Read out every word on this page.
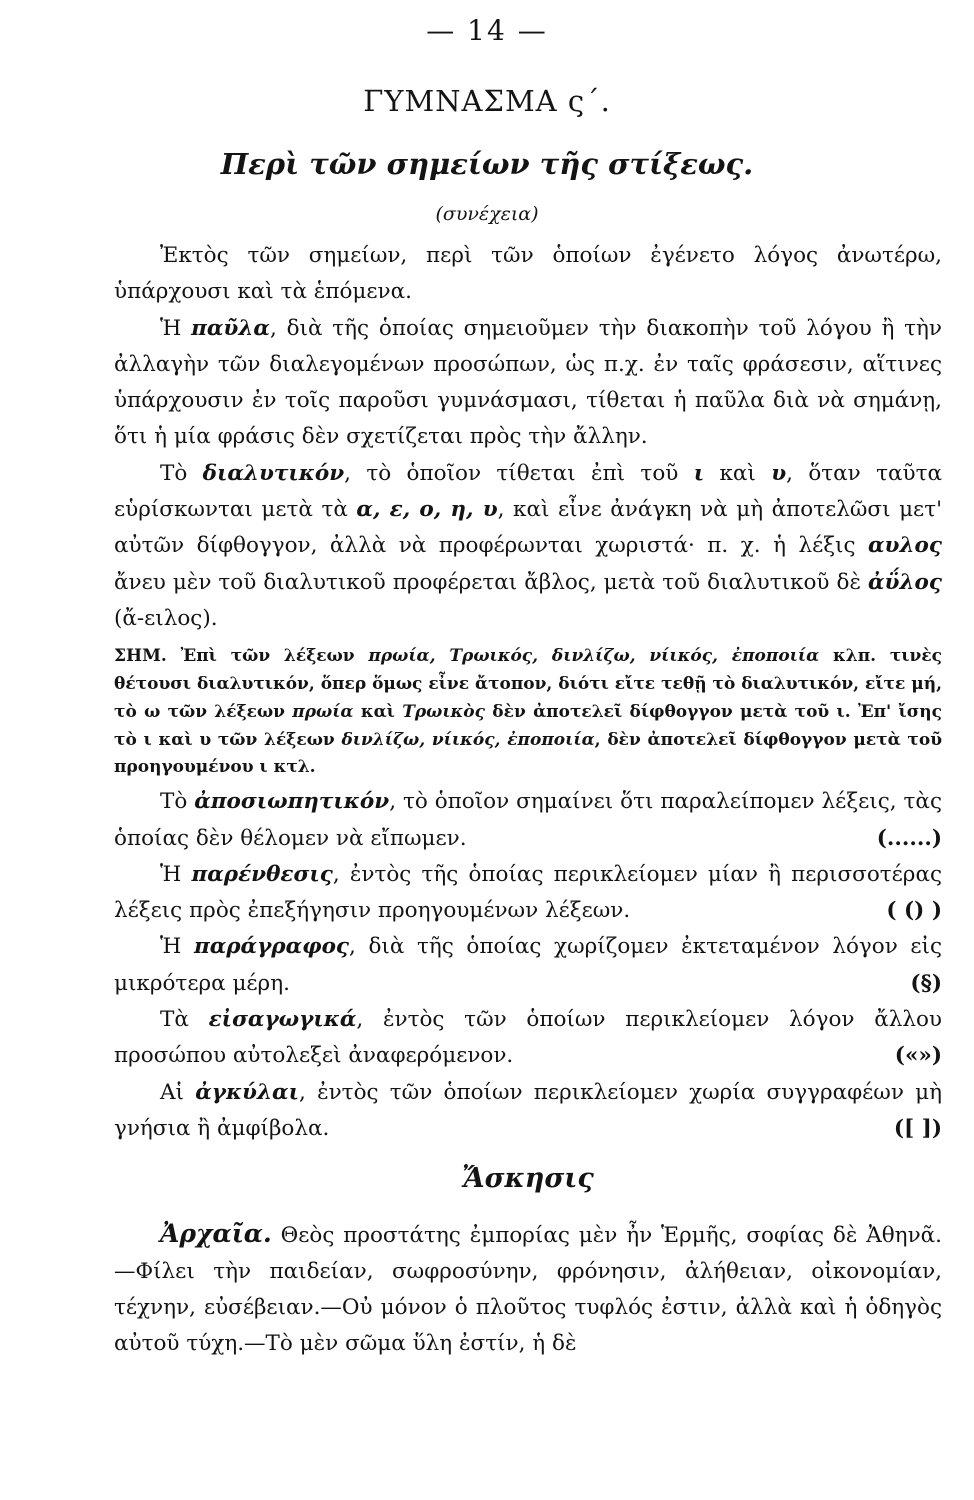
— 14 —
ΓΥΜΝΑΣΜΑ ς΄.
Περὶ τῶν σημείων τῆς στίξεως.
(συνέχεια)

Ἐκτὸς τῶν σημείων, περὶ τῶν ὁποίων ἐγένετο λόγος ἀνωτέρω, ὑπάρχουσι καὶ τὰ ἑπόμενα.

Ἡ παῦλα, διὰ τῆς ὁποίας σημειοῦμεν τὴν διακοπὴν τοῦ λόγου ἢ τὴν ἀλλαγὴν τῶν διαλεγομένων προσώπων, ὡς π.χ. ἐν ταῖς φράσεσιν, αἵτινες ὑπάρχουσιν ἐν τοῖς παροῦσι γυμνάσμασι, τίθεται ἡ παῦλα διὰ νὰ σημάνῃ, ὅτι ἡ μία φράσις δὲν σχετίζεται πρὸς τὴν ἄλλην.

Τὸ διαλυτικόν, τὸ ὁποῖον τίθεται ἐπὶ τοῦ ι καὶ υ, ὅταν ταῦτα εὑρίσκωνται μετὰ τὰ α, ε, ο, η, υ, καὶ εἶνε ἀνάγκη νὰ μὴ ἀποτελῶσι μετ' αὐτῶν δίφθογγον, ἀλλὰ νὰ προφέρωνται χωριστά· π. χ. ἡ λέξις αυλος ἄνευ μὲν τοῦ διαλυτικοῦ προφέρεται ἄβλος, μετὰ τοῦ διαλυτικοῦ δὲ ἀΰλος (ἄ-ειλος).

ΣΗΜ. Ἐπὶ τῶν λέξεων πρωία, Τρωικός, δινλίζω, νίικός, ἐποποιία κλπ. τινὲς θέτουσι διαλυτικόν, ὅπερ ὅμως εἶνε ἄτοπον, διότι εἴτε τεθῇ τὸ διαλυτικόν, εἴτε μή, τὸ ω τῶν λέξεων πρωία καὶ Τρωικὸς δὲν ἀποτελεῖ δίφθογγον μετὰ τοῦ ι. Ἐπ' ἴσης τὸ ι καὶ υ τῶν λέξεων δινλίζω, νίικός, ἐποποιία, δὲν ἀποτελεῖ δίφθογγον μετὰ τοῦ προηγουμένου ι κτλ.

Τὸ ἀποσιωπητικόν, τὸ ὁποῖον σημαίνει ὅτι παραλείπομεν λέξεις, τὰς ὁποίας δὲν θέλομεν νὰ εἴπωμεν.	(......)

Ἡ παρένθεσις, ἐντὸς τῆς ὁποίας περικλείομεν μίαν ἢ περισσοτέρας λέξεις πρὸς ἐπεξήγησιν προηγουμένων λέξεων.	( () )

Ἡ παράγραφος, διὰ τῆς ὁποίας χωρίζομεν ἐκτεταμένον λόγον εἰς μικρότερα μέρη.	(§)

Τὰ εἰσαγωγικά, ἐντὸς τῶν ὁποίων περικλείομεν λόγον ἄλλου προσώπου αὐτολεξεὶ ἀναφερόμενον.	(«»)

Αἱ ἀγκύλαι, ἐντὸς τῶν ὁποίων περικλείομεν χωρία συγγραφέων μὴ γνήσια ἢ ἀμφίβολα.	([ ])

Ἄσκησις

Ἀρχαῖα. Θεὸς προστάτης ἐμπορίας μὲν ἦν Ἑρμῆς, σοφίας δὲ Ἀθηνᾶ.—Φίλει τὴν παιδείαν, σωφροσύνην, φρόνησιν, ἀλήθειαν, οἰκονομίαν, τέχνην, εὐσέβειαν.—Οὐ μόνον ὁ πλοῦτος τυφλός ἐστιν, ἀλλὰ καὶ ἡ ὁδηγὸς αὐτοῦ τύχη.—Τὸ μὲν σῶμα ὕλη ἐστίν, ἡ δὲ
